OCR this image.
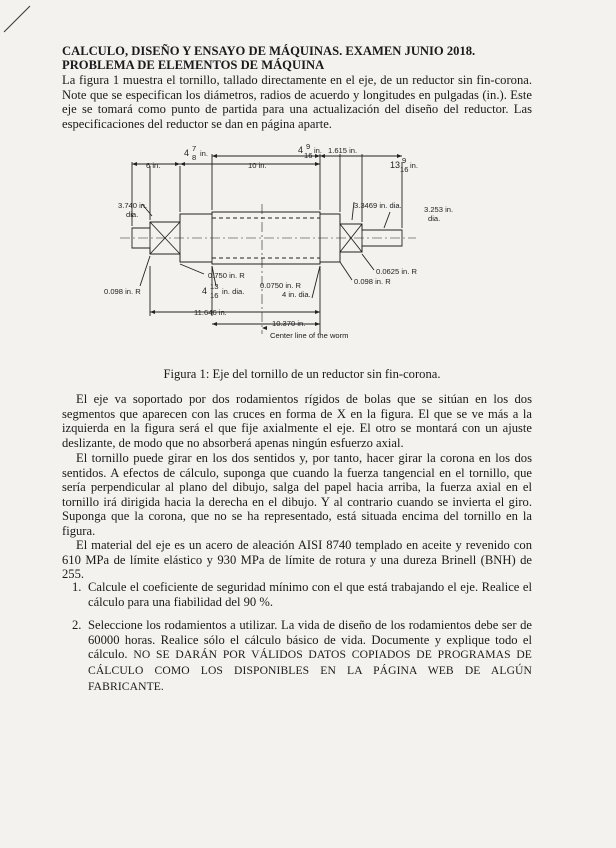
CALCULO, DISEÑO Y ENSAYO DE MÁQUINAS. EXAMEN JUNIO 2018. PROBLEMA DE ELEMENTOS DE MÁQUINA

La figura 1 muestra el tornillo, tallado directamente en el eje, de un reductor sin fin-corona. Note que se especifican los diámetros, radios de acuerdo y longitudes en pulgadas (in.). Este eje se tomará como punto de partida para una actualización del diseño del reductor. Las especificaciones del reductor se dan en página aparte.

6 in.
4 7
8 in.
10 in.
4 9
16
in. 1.615 in.
13 9
16 in.
3.740 in.
dia.
3.3469 in. dia.	3.253 in.
dia.
0.0625 in. R
0.098 in. R
0.098 in. R
0.750 in. R
4 13
16 in. dia.
0.0750 in. R
4 in. dia.
11.646 in.
10.370 in.
Center line of the worm
Figura 1: Eje del tornillo de un reductor sin fin-corona.

El eje va soportado por dos rodamientos rígidos de bolas que se sitúan en los dos segmentos que aparecen con las cruces en forma de X en la figura. El que se ve más a la izquierda en la figura será el que fije axialmente el eje. El otro se montará con un ajuste deslizante, de modo que no absorberá apenas ningún esfuerzo axial.

El tornillo puede girar en los dos sentidos y, por tanto, hacer girar la corona en los dos sentidos. A efectos de cálculo, suponga que cuando la fuerza tangencial en el tornillo, que sería perpendicular al plano del dibujo, salga del papel hacia arriba, la fuerza axial en el tornillo irá dirigida hacia la derecha en el dibujo. Y al contrario cuando se invierta el giro. Suponga que la corona, que no se ha representado, está situada encima del tornillo en la figura.

El material del eje es un acero de aleación AISI 8740 templado en aceite y revenido con 610 MPa de límite elástico y 930 MPa de límite de rotura y una dureza Brinell (BNH) de 255.

1. Calcule el coeficiente de seguridad mínimo con el que está trabajando el eje. Realice el cálculo para una fiabilidad del 90 %.
2. Seleccione los rodamientos a utilizar. La vida de diseño de los rodamientos debe ser de 60000 horas. Realice sólo el cálculo básico de vida. Documente y explique todo el cálculo. NO SE DARÁN POR VÁLIDOS DATOS COPIADOS DE PROGRAMAS DE CÁLCULO COMO LOS DISPONIBLES EN LA PÁGINA WEB DE ALGÚN FABRICANTE.
